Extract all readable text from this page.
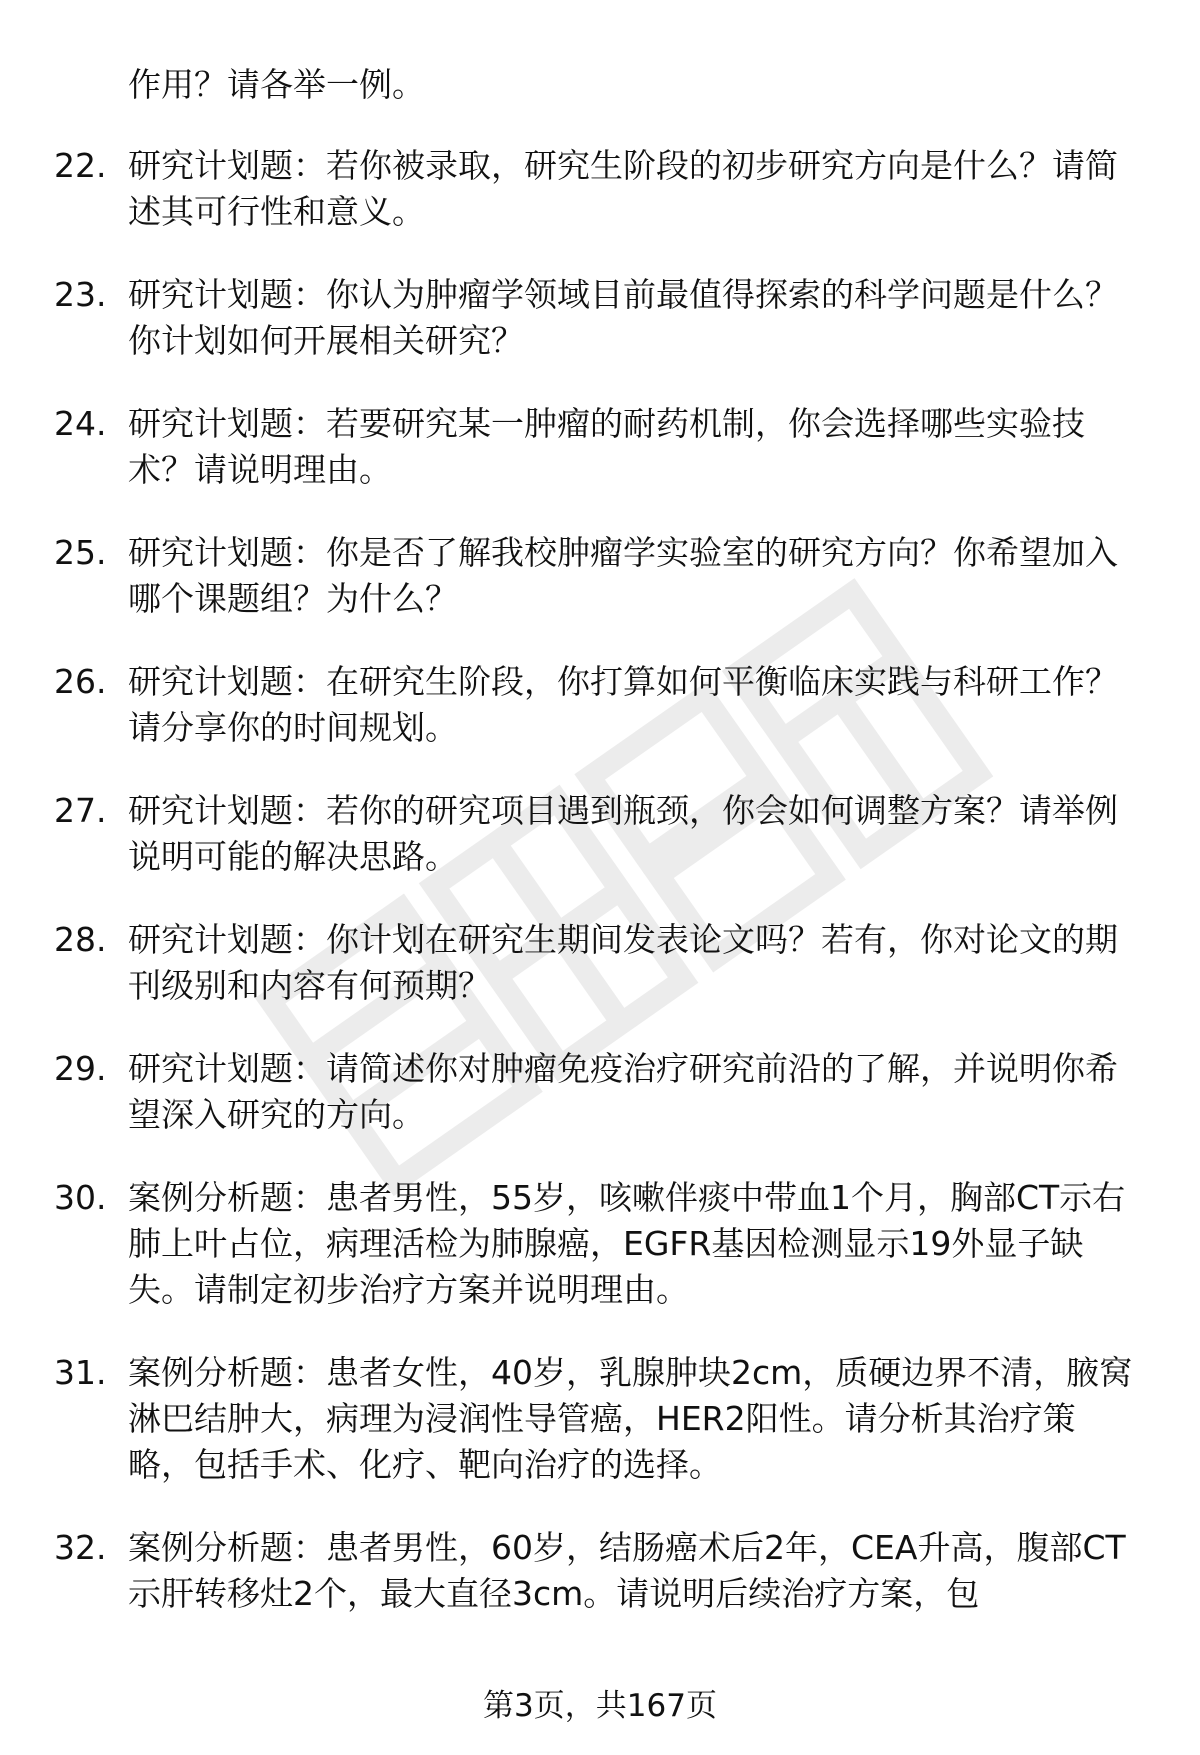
作用？请各举一例。
22. 研究计划题：若你被录取，研究生阶段的初步研究方向是什么？请简述其可行性和意义。
23. 研究计划题：你认为肿瘤学领域目前最值得探索的科学问题是什么？你计划如何开展相关研究？
24. 研究计划题：若要研究某一肿瘤的耐药机制，你会选择哪些实验技术？请说明理由。
25. 研究计划题：你是否了解我校肿瘤学实验室的研究方向？你希望加入哪个课题组？为什么？
26. 研究计划题：在研究生阶段，你打算如何平衡临床实践与科研工作？请分享你的时间规划。
27. 研究计划题：若你的研究项目遇到瓶颈，你会如何调整方案？请举例说明可能的解决思路。
28. 研究计划题：你计划在研究生期间发表论文吗？若有，你对论文的期刊级别和内容有何预期？
29. 研究计划题：请简述你对肿瘤免疫治疗研究前沿的了解，并说明你希望深入研究的方向。
30. 案例分析题：患者男性，55岁，咳嗽伴痰中带血1个月，胸部CT示右肺上叶占位，病理活检为肺腺癌，EGFR基因检测显示19外显子缺失。请制定初步治疗方案并说明理由。
31. 案例分析题：患者女性，40岁，乳腺肿块2cm，质硬边界不清，腋窝淋巴结肿大，病理为浸润性导管癌，HER2阳性。请分析其治疗策略，包括手术、化疗、靶向治疗的选择。
32. 案例分析题：患者男性，60岁，结肠癌术后2年，CEA升高，腹部CT示肝转移灶2个，最大直径3cm。请说明后续治疗方案，包
第3页，共167页
